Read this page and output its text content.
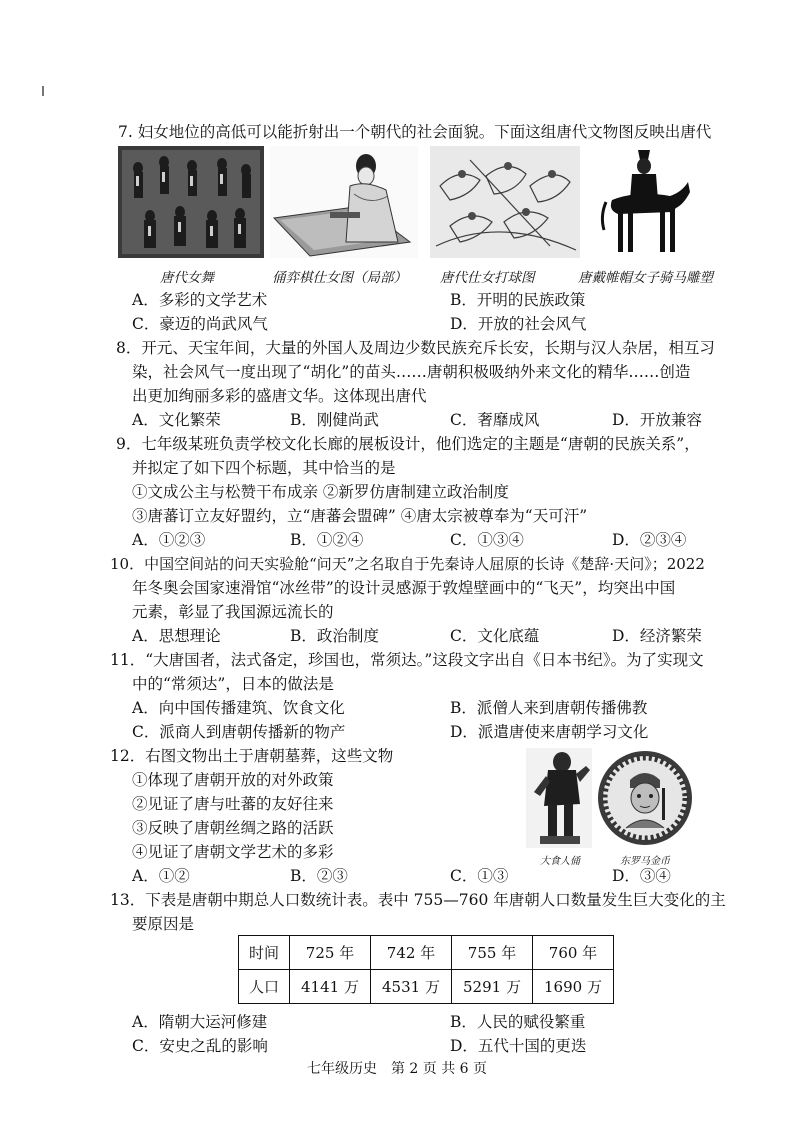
7. 妇女地位的高低可以能折射出一个朝代的社会面貌。下面这组唐代文物图反映出唐代
唐代女舞	俑弈棋仕女图（局部） 唐代仕女打球图	唐戴帷帽女子骑马雕塑
A．多彩的文学艺术	B．开明的民族政策
C．豪迈的尚武风气	D．开放的社会风气
8．开元、天宝年间，大量的外国人及周边少数民族充斥长安，长期与汉人杂居，相互习
染，社会风气一度出现了“胡化”的苗头……唐朝积极吸纳外来文化的精华……创造
出更加绚丽多彩的盛唐文华。这体现出唐代
A．文化繁荣	B．刚健尚武	C．奢靡成风	D．开放兼容
9．七年级某班负责学校文化长廊的展板设计，他们选定的主题是“唐朝的民族关系”，
并拟定了如下四个标题，其中恰当的是
①文成公主与松赞干布成亲 ②新罗仿唐制建立政治制度
③唐蕃订立友好盟约，立“唐蕃会盟碑” ④唐太宗被尊奉为“天可汗”
A．①②③	B．①②④	C．①③④	D．②③④
10．中国空间站的问天实验舱“问天”之名取自于先秦诗人屈原的长诗《楚辞·天问》；2022
年冬奥会国家速滑馆“冰丝带”的设计灵感源于敦煌壁画中的“飞天”，均突出中国
元素，彰显了我国源远流长的
A．思想理论	B．政治制度	C．文化底蕴	D．经济繁荣
11．“大唐国者，法式备定，珍国也，常须达。”这段文字出自《日本书纪》。为了实现文
中的“常须达”，日本的做法是
A．向中国传播建筑、饮食文化	B．派僧人来到唐朝传播佛教
C．派商人到唐朝传播新的物产	D．派遣唐使来唐朝学习文化
12．右图文物出土于唐朝墓葬，这些文物
①体现了唐朝开放的对外政策
②见证了唐与吐蕃的友好往来
③反映了唐朝丝绸之路的活跃
④见证了唐朝文学艺术的多彩
A．①②	B．②③	C．①③	D．③④
大食人俑	东罗马金币
13．下表是唐朝中期总人口数统计表。表中 755—760 年唐朝人口数量发生巨大变化的主
要原因是
时间	725 年	742 年	755 年	760 年
人口	4141 万	4531 万	5291 万	1690 万
A．隋朝大运河修建	B．人民的赋役繁重
C．安史之乱的影响	D．五代十国的更迭
七年级历史　第 2 页 共 6 页
